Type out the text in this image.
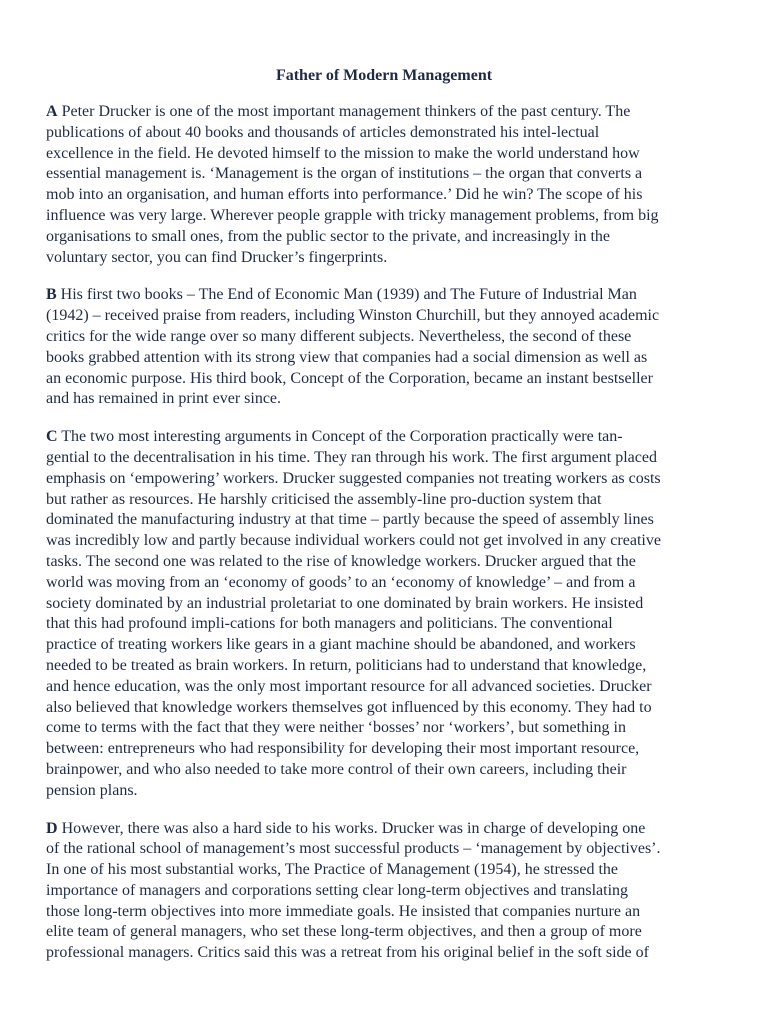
Father of Modern Management
A Peter Drucker is one of the most important management thinkers of the past century. The
publications of about 40 books and thousands of articles demonstrated his intel-lectual
excellence in the field. He devoted himself to the mission to make the world understand how
essential management is. ‘Management is the organ of institutions – the organ that converts a
mob into an organisation, and human efforts into performance.’ Did he win? The scope of his
influence was very large. Wherever people grapple with tricky management problems, from big
organisations to small ones, from the public sector to the private, and increasingly in the
voluntary sector, you can find Drucker’s fingerprints.
B His first two books – The End of Economic Man (1939) and The Future of Industrial Man
(1942) – received praise from readers, including Winston Churchill, but they annoyed academic
critics for the wide range over so many different subjects. Nevertheless, the second of these
books grabbed attention with its strong view that companies had a social dimension as well as
an economic purpose. His third book, Concept of the Corporation, became an instant bestseller
and has remained in print ever since.
C The two most interesting arguments in Concept of the Corporation practically were tan-
gential to the decentralisation in his time. They ran through his work. The first argument placed
emphasis on ‘empowering’ workers. Drucker suggested companies not treating workers as costs
but rather as resources. He harshly criticised the assembly-line pro-duction system that
dominated the manufacturing industry at that time – partly because the speed of assembly lines
was incredibly low and partly because individual workers could not get involved in any creative
tasks. The second one was related to the rise of knowledge workers. Drucker argued that the
world was moving from an ‘economy of goods’ to an ‘economy of knowledge’ – and from a
society dominated by an industrial proletariat to one dominated by brain workers. He insisted
that this had profound impli-cations for both managers and politicians. The conventional
practice of treating workers like gears in a giant machine should be abandoned, and workers
needed to be treated as brain workers. In return, politicians had to understand that knowledge,
and hence education, was the only most important resource for all advanced societies. Drucker
also believed that knowledge workers themselves got influenced by this economy. They had to
come to terms with the fact that they were neither ‘bosses’ nor ‘workers’, but something in
between: entrepreneurs who had responsibility for developing their most important resource,
brainpower, and who also needed to take more control of their own careers, including their
pension plans.
D However, there was also a hard side to his works. Drucker was in charge of developing one
of the rational school of management’s most successful products – ‘management by objectives’.
In one of his most substantial works, The Practice of Management (1954), he stressed the
importance of managers and corporations setting clear long-term objectives and translating
those long-term objectives into more immediate goals. He insisted that companies nurture an
elite team of general managers, who set these long-term objectives, and then a group of more
professional managers. Critics said this was a retreat from his original belief in the soft side of
